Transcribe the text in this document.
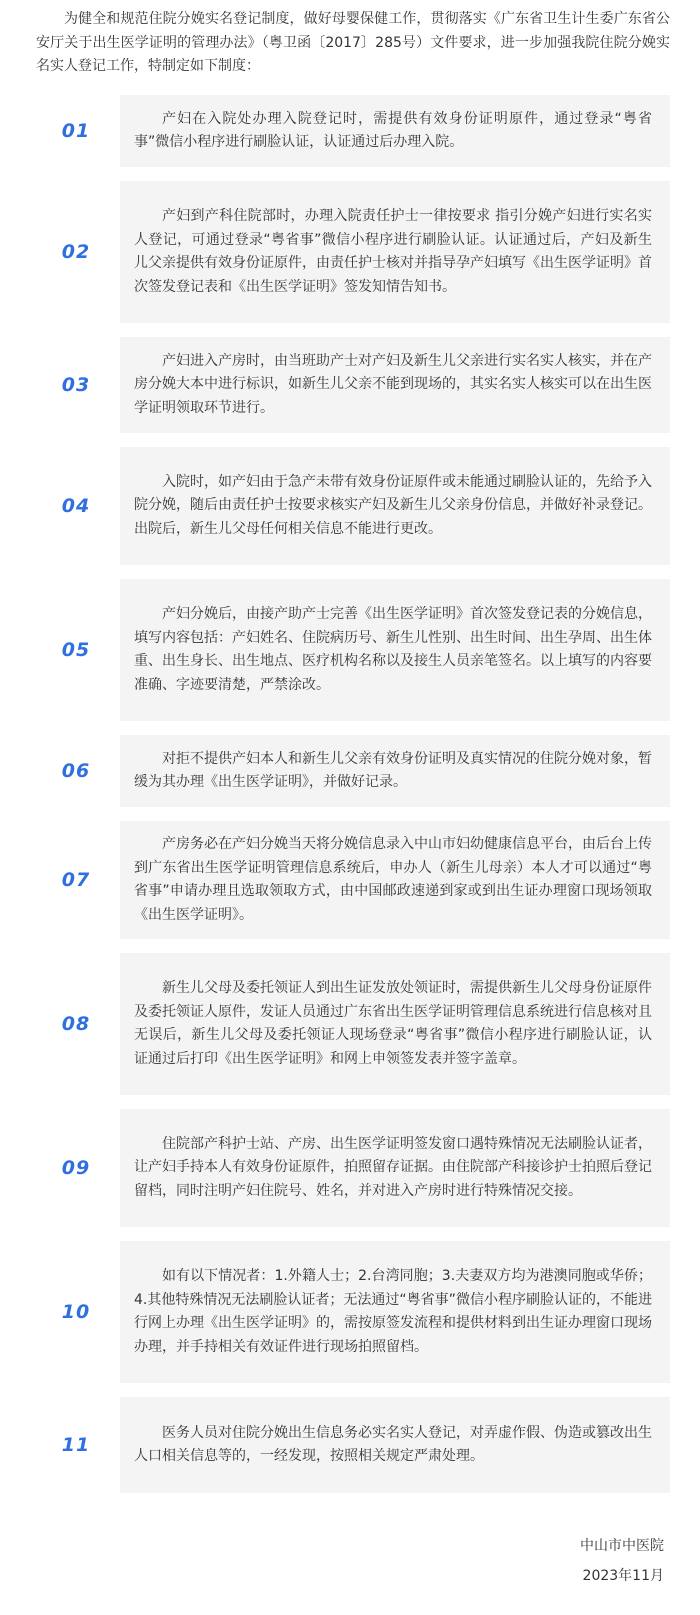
为健全和规范住院分娩实名登记制度，做好母婴保健工作，贯彻落实《广东省卫生计生委广东省公安厅关于出生医学证明的管理办法》（粤卫函〔2017〕285号）文件要求，进一步加强我院住院分娩实名实人登记工作，特制定如下制度：

01

产妇在入院处办理入院登记时，需提供有效身份证明原件，通过登录“粤省事”微信小程序进行刷脸认证，认证通过后办理入院。

02

产妇到产科住院部时，办理入院责任护士一律按要求 指引分娩产妇进行实名实人登记，可通过登录“粤省事”微信小程序进行刷脸认证。认证通过后，产妇及新生儿父亲提供有效身份证原件，由责任护士核对并指导孕产妇填写《出生医学证明》首次签发登记表和《出生医学证明》签发知情告知书。

03

产妇进入产房时，由当班助产士对产妇及新生儿父亲进行实名实人核实，并在产房分娩大本中进行标识，如新生儿父亲不能到现场的，其实名实人核实可以在出生医学证明领取环节进行。

04

入院时，如产妇由于急产未带有效身份证原件或未能通过刷脸认证的，先给予入院分娩，随后由责任护士按要求核实产妇及新生儿父亲身份信息，并做好补录登记。出院后，新生儿父母任何相关信息不能进行更改。

05

产妇分娩后，由接产助产士完善《出生医学证明》首次签发登记表的分娩信息，填写内容包括：产妇姓名、住院病历号、新生儿性别、出生时间、出生孕周、出生体重、出生身长、出生地点、医疗机构名称以及接生人员亲笔签名。以上填写的内容要准确、字迹要清楚，严禁涂改。

06

对拒不提供产妇本人和新生儿父亲有效身份证明及真实情况的住院分娩对象，暂缓为其办理《出生医学证明》，并做好记录。

07

产房务必在产妇分娩当天将分娩信息录入中山市妇幼健康信息平台，由后台上传到广东省出生医学证明管理信息系统后，申办人（新生儿母亲）本人才可以通过“粤省事”申请办理且选取领取方式，由中国邮政速递到家或到出生证办理窗口现场领取《出生医学证明》。

08

新生儿父母及委托领证人到出生证发放处领证时，需提供新生儿父母身份证原件及委托领证人原件，发证人员通过广东省出生医学证明管理信息系统进行信息核对且无误后，新生儿父母及委托领证人现场登录“粤省事”微信小程序进行刷脸认证，认证通过后打印《出生医学证明》和网上申领签发表并签字盖章。

09

住院部产科护士站、产房、出生医学证明签发窗口遇特殊情况无法刷脸认证者，让产妇手持本人有效身份证原件，拍照留存证据。由住院部产科接诊护士拍照后登记留档，同时注明产妇住院号、姓名，并对进入产房时进行特殊情况交接。

10

如有以下情况者：1.外籍人士；2.台湾同胞；3.夫妻双方均为港澳同胞或华侨；4.其他特殊情况无法刷脸认证者；无法通过“粤省事”微信小程序刷脸认证的，不能进行网上办理《出生医学证明》的，需按原签发流程和提供材料到出生证办理窗口现场办理，并手持相关有效证件进行现场拍照留档。

11

医务人员对住院分娩出生信息务必实名实人登记，对弄虚作假、伪造或篡改出生人口相关信息等的，一经发现，按照相关规定严肃处理。

中山市中医院
2023年11月
